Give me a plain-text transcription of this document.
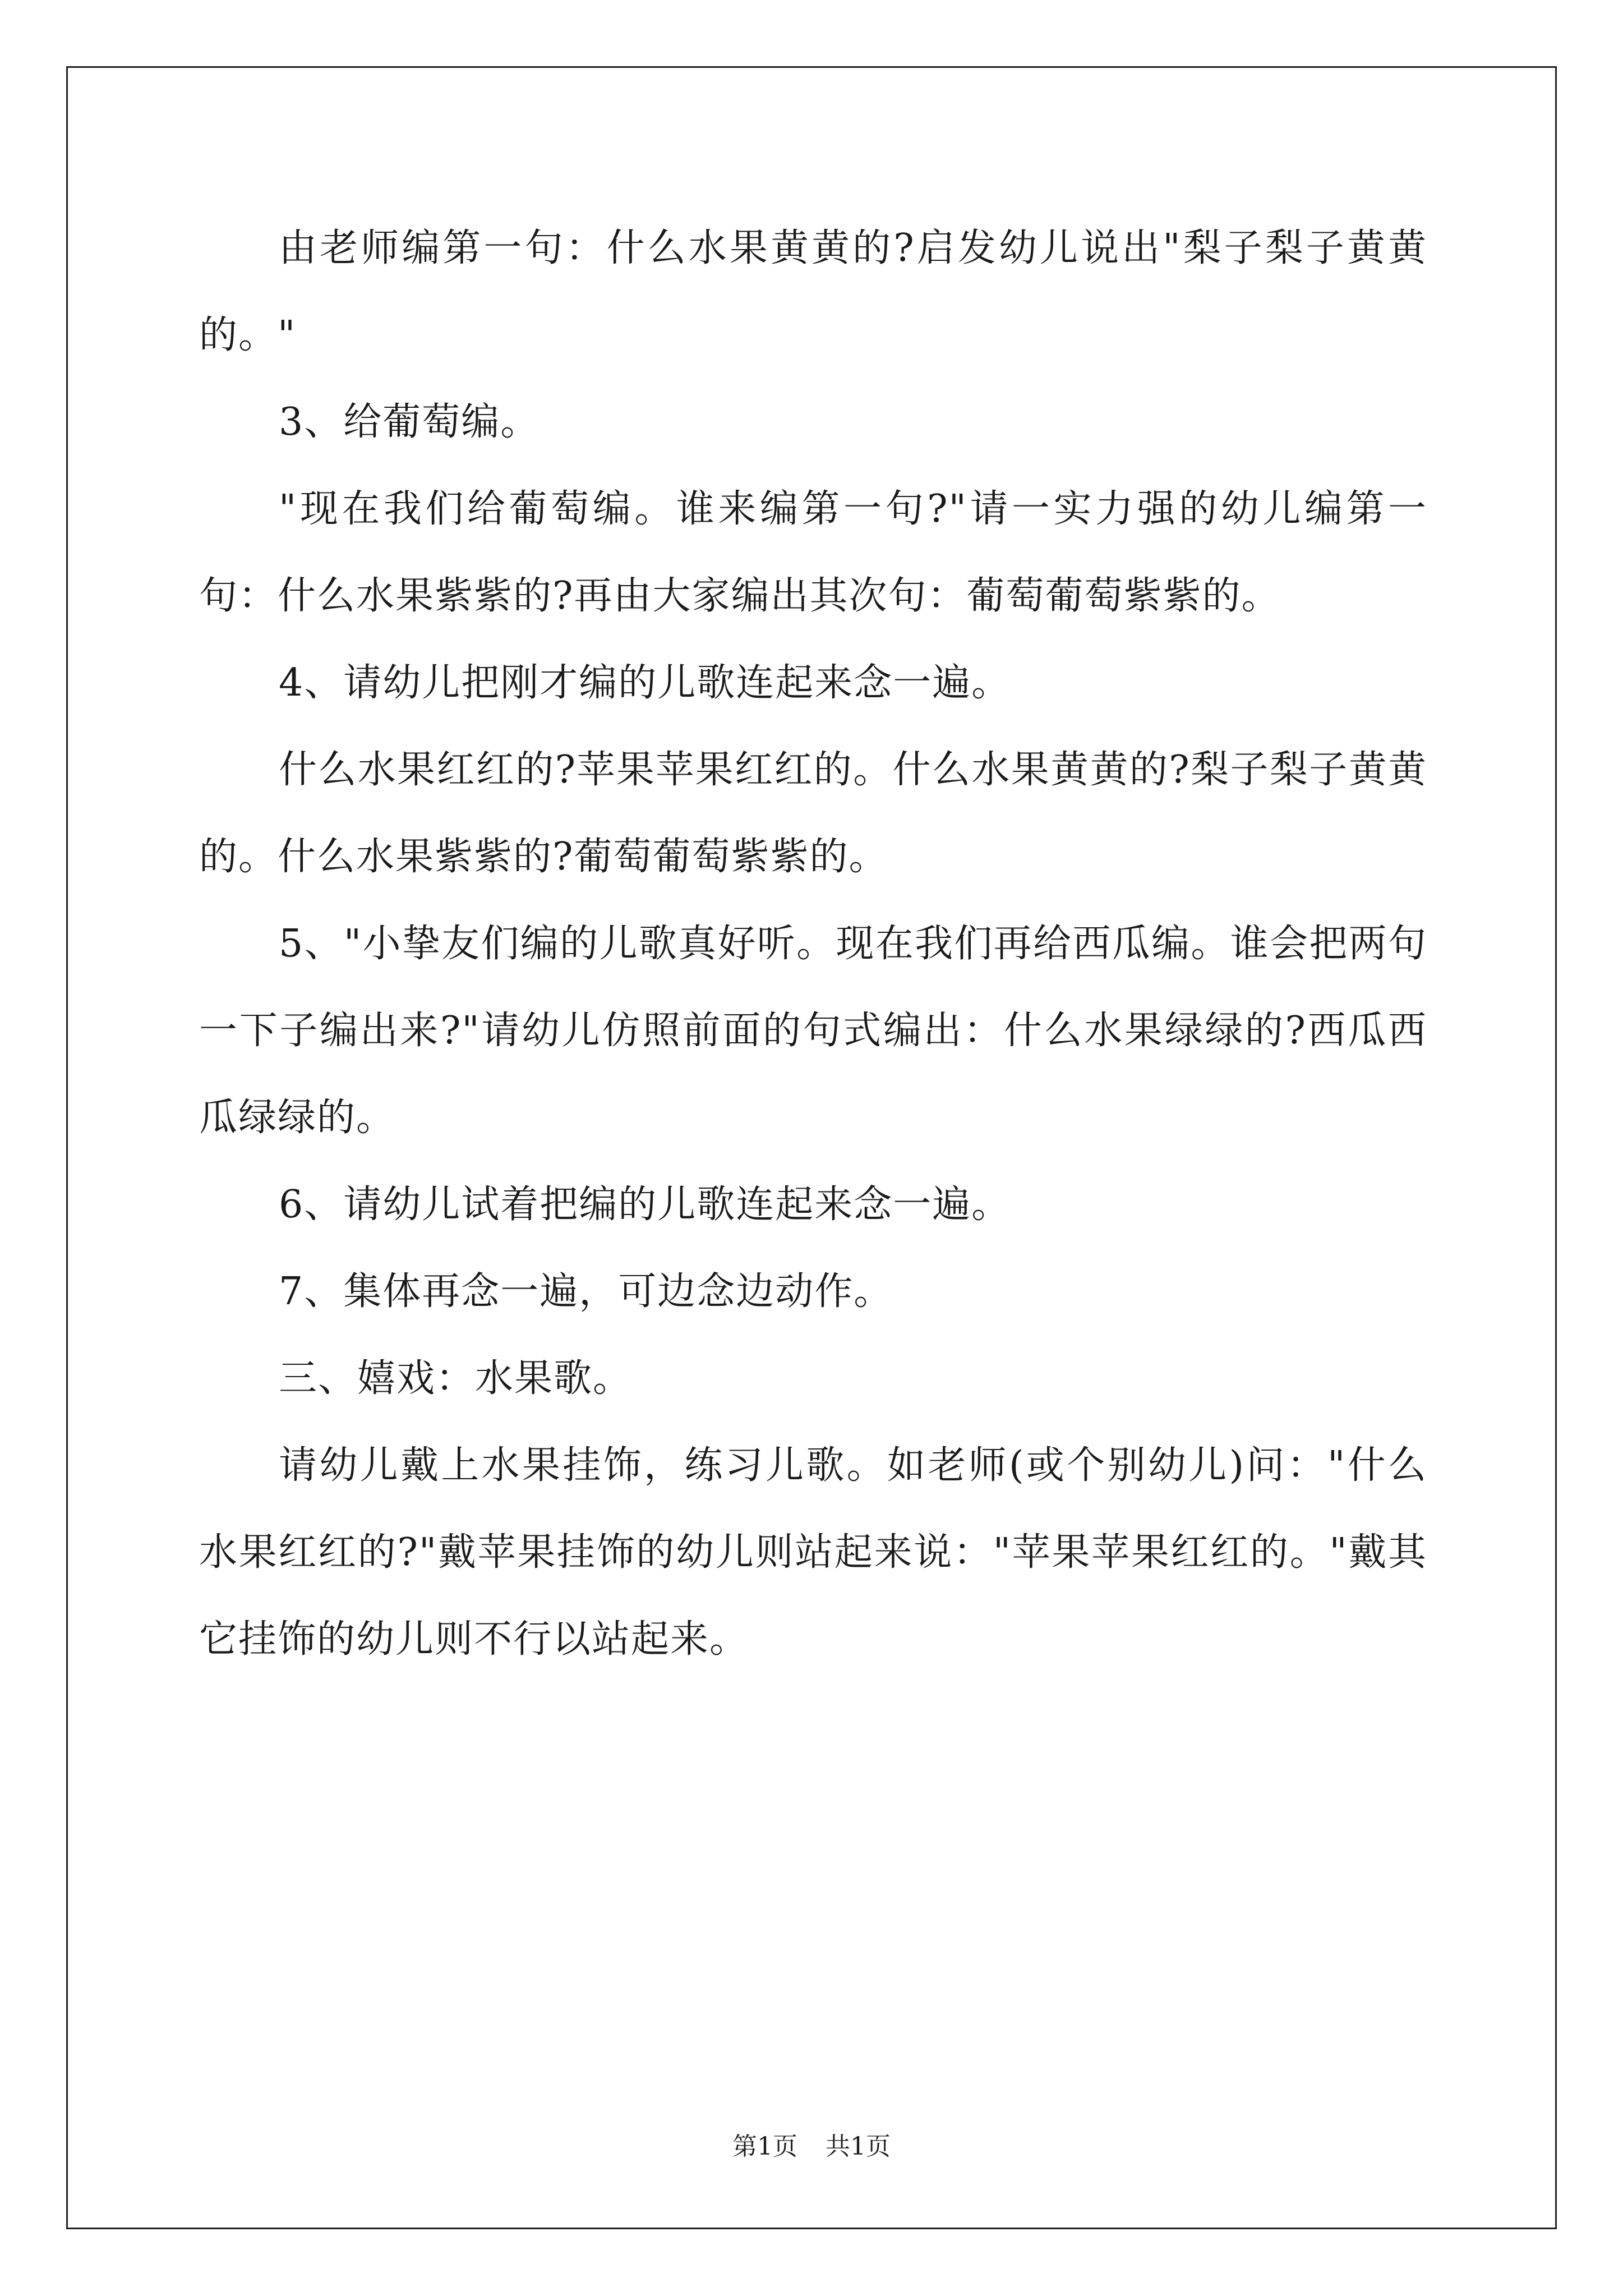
由老师编第一句：什么水果黄黄的?启发幼儿说出"梨子梨子黄黄的。"

3、给葡萄编。

"现在我们给葡萄编。谁来编第一句?"请一实力强的幼儿编第一句：什么水果紫紫的?再由大家编出其次句：葡萄葡萄紫紫的。

4、请幼儿把刚才编的儿歌连起来念一遍。

什么水果红红的?苹果苹果红红的。什么水果黄黄的?梨子梨子黄黄的。什么水果紫紫的?葡萄葡萄紫紫的。

5、"小挚友们编的儿歌真好听。现在我们再给西瓜编。谁会把两句一下子编出来?"请幼儿仿照前面的句式编出：什么水果绿绿的?西瓜西瓜绿绿的。

6、请幼儿试着把编的儿歌连起来念一遍。

7、集体再念一遍，可边念边动作。

三、嬉戏：水果歌。

请幼儿戴上水果挂饰，练习儿歌。如老师(或个别幼儿)问："什么水果红红的?"戴苹果挂饰的幼儿则站起来说："苹果苹果红红的。"戴其它挂饰的幼儿则不行以站起来。

第1页 共1页
